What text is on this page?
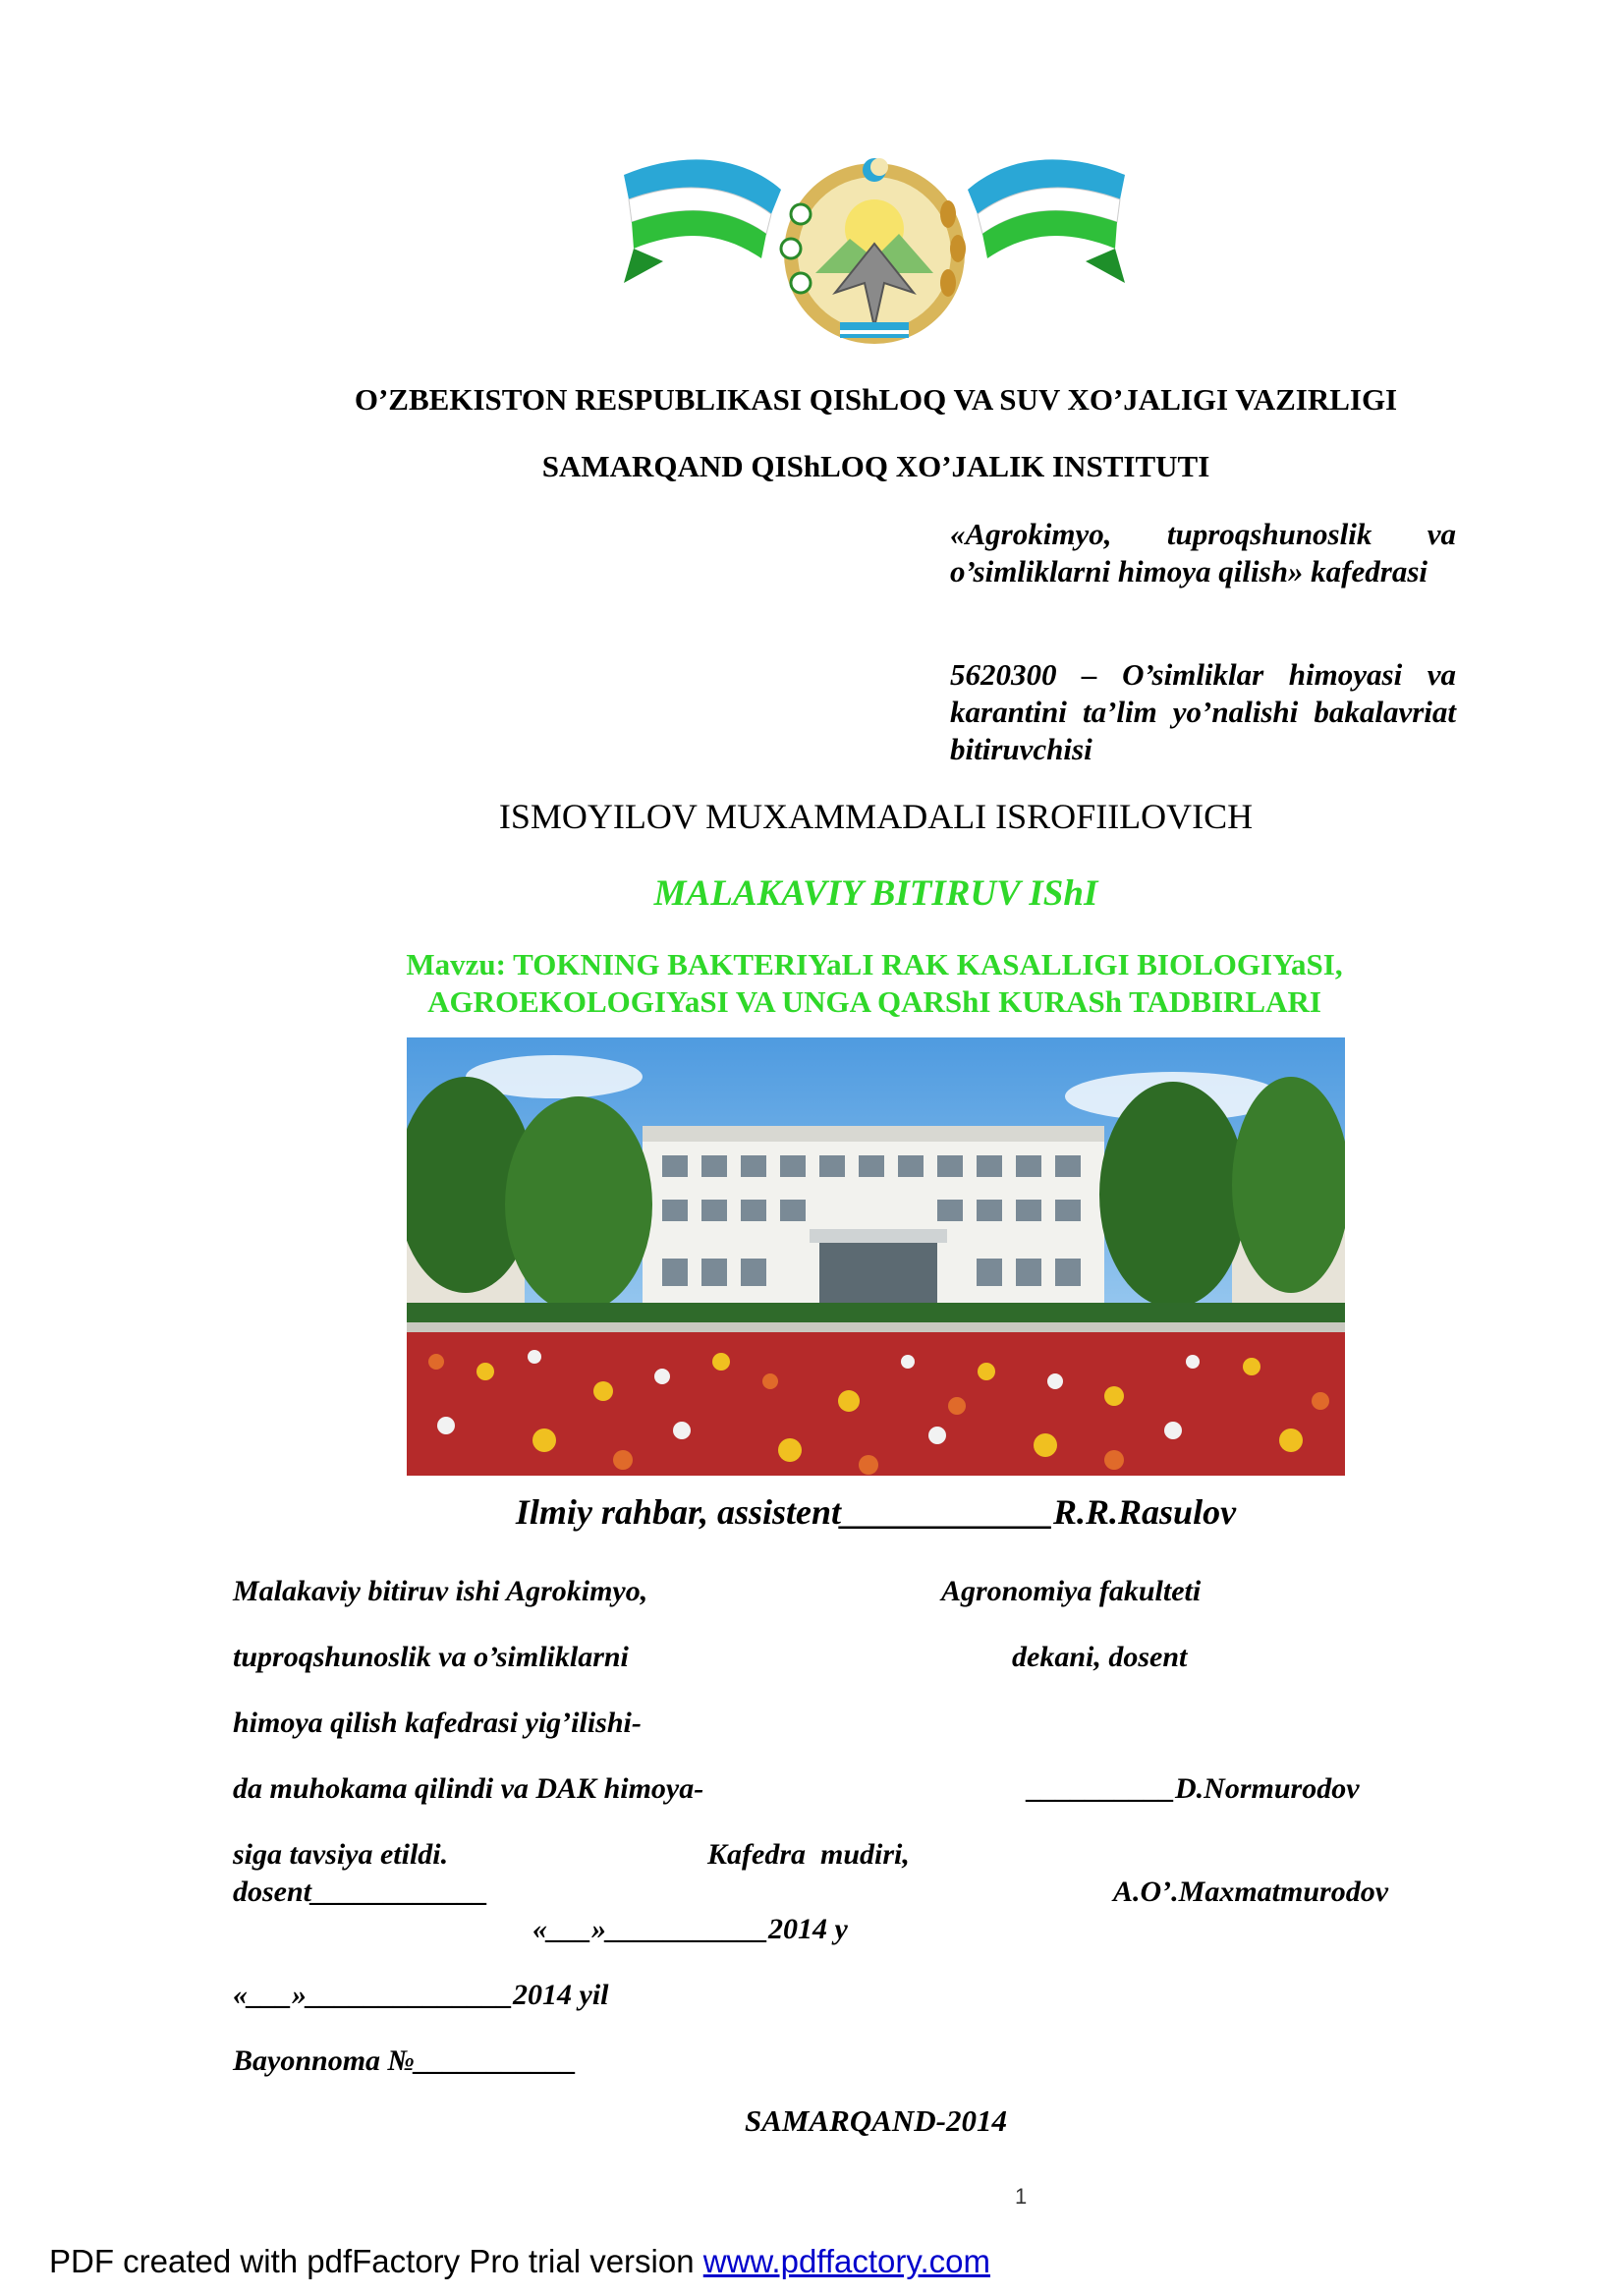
O’ZBEKISTON RESPUBLIKASI QIShLOQ VA SUV XO’JALIGI VAZIRLIGI
SAMARQAND QIShLOQ XO’JALIK INSTITUTI
«Agrokimyo, tuproqshunoslik va o’simliklarni himoya qilish» kafedrasi
5620300 – O’simliklar himoyasi va karantini ta’lim yo’nalishi bakalavriat bitiruvchisi
ISMOYILOV MUXAMMADALI ISROFIILOVICH
MALAKAVIY BITIRUV IShI
Mavzu: TOKNING BAKTERIYaLI RAK KASALLIGI BIOLOGIYaSI,
AGROEKOLOGIYaSI VA UNGA QARShI KURASh TADBIRLARI
Ilmiy rahbar, assistent____________R.R.Rasulov
Malakaviy bitiruv ishi Agrokimyo,
tuproqshunoslik va o’simliklarni
himoya qilish kafedrasi yig’ilishi-
da muhokama qilindi va DAK himoya-
siga tavsiya etildi.
dosent____________
Kafedra  mudiri,
«___»___________2014 y
Agronomiya fakulteti
dekani, dosent
__________D.Normurodov
A.O’.Maxmatmurodov
«___»______________2014 yil
Bayonnoma №___________
SAMARQAND-2014
1
PDF created with pdfFactory Pro trial version www.pdffactory.com
